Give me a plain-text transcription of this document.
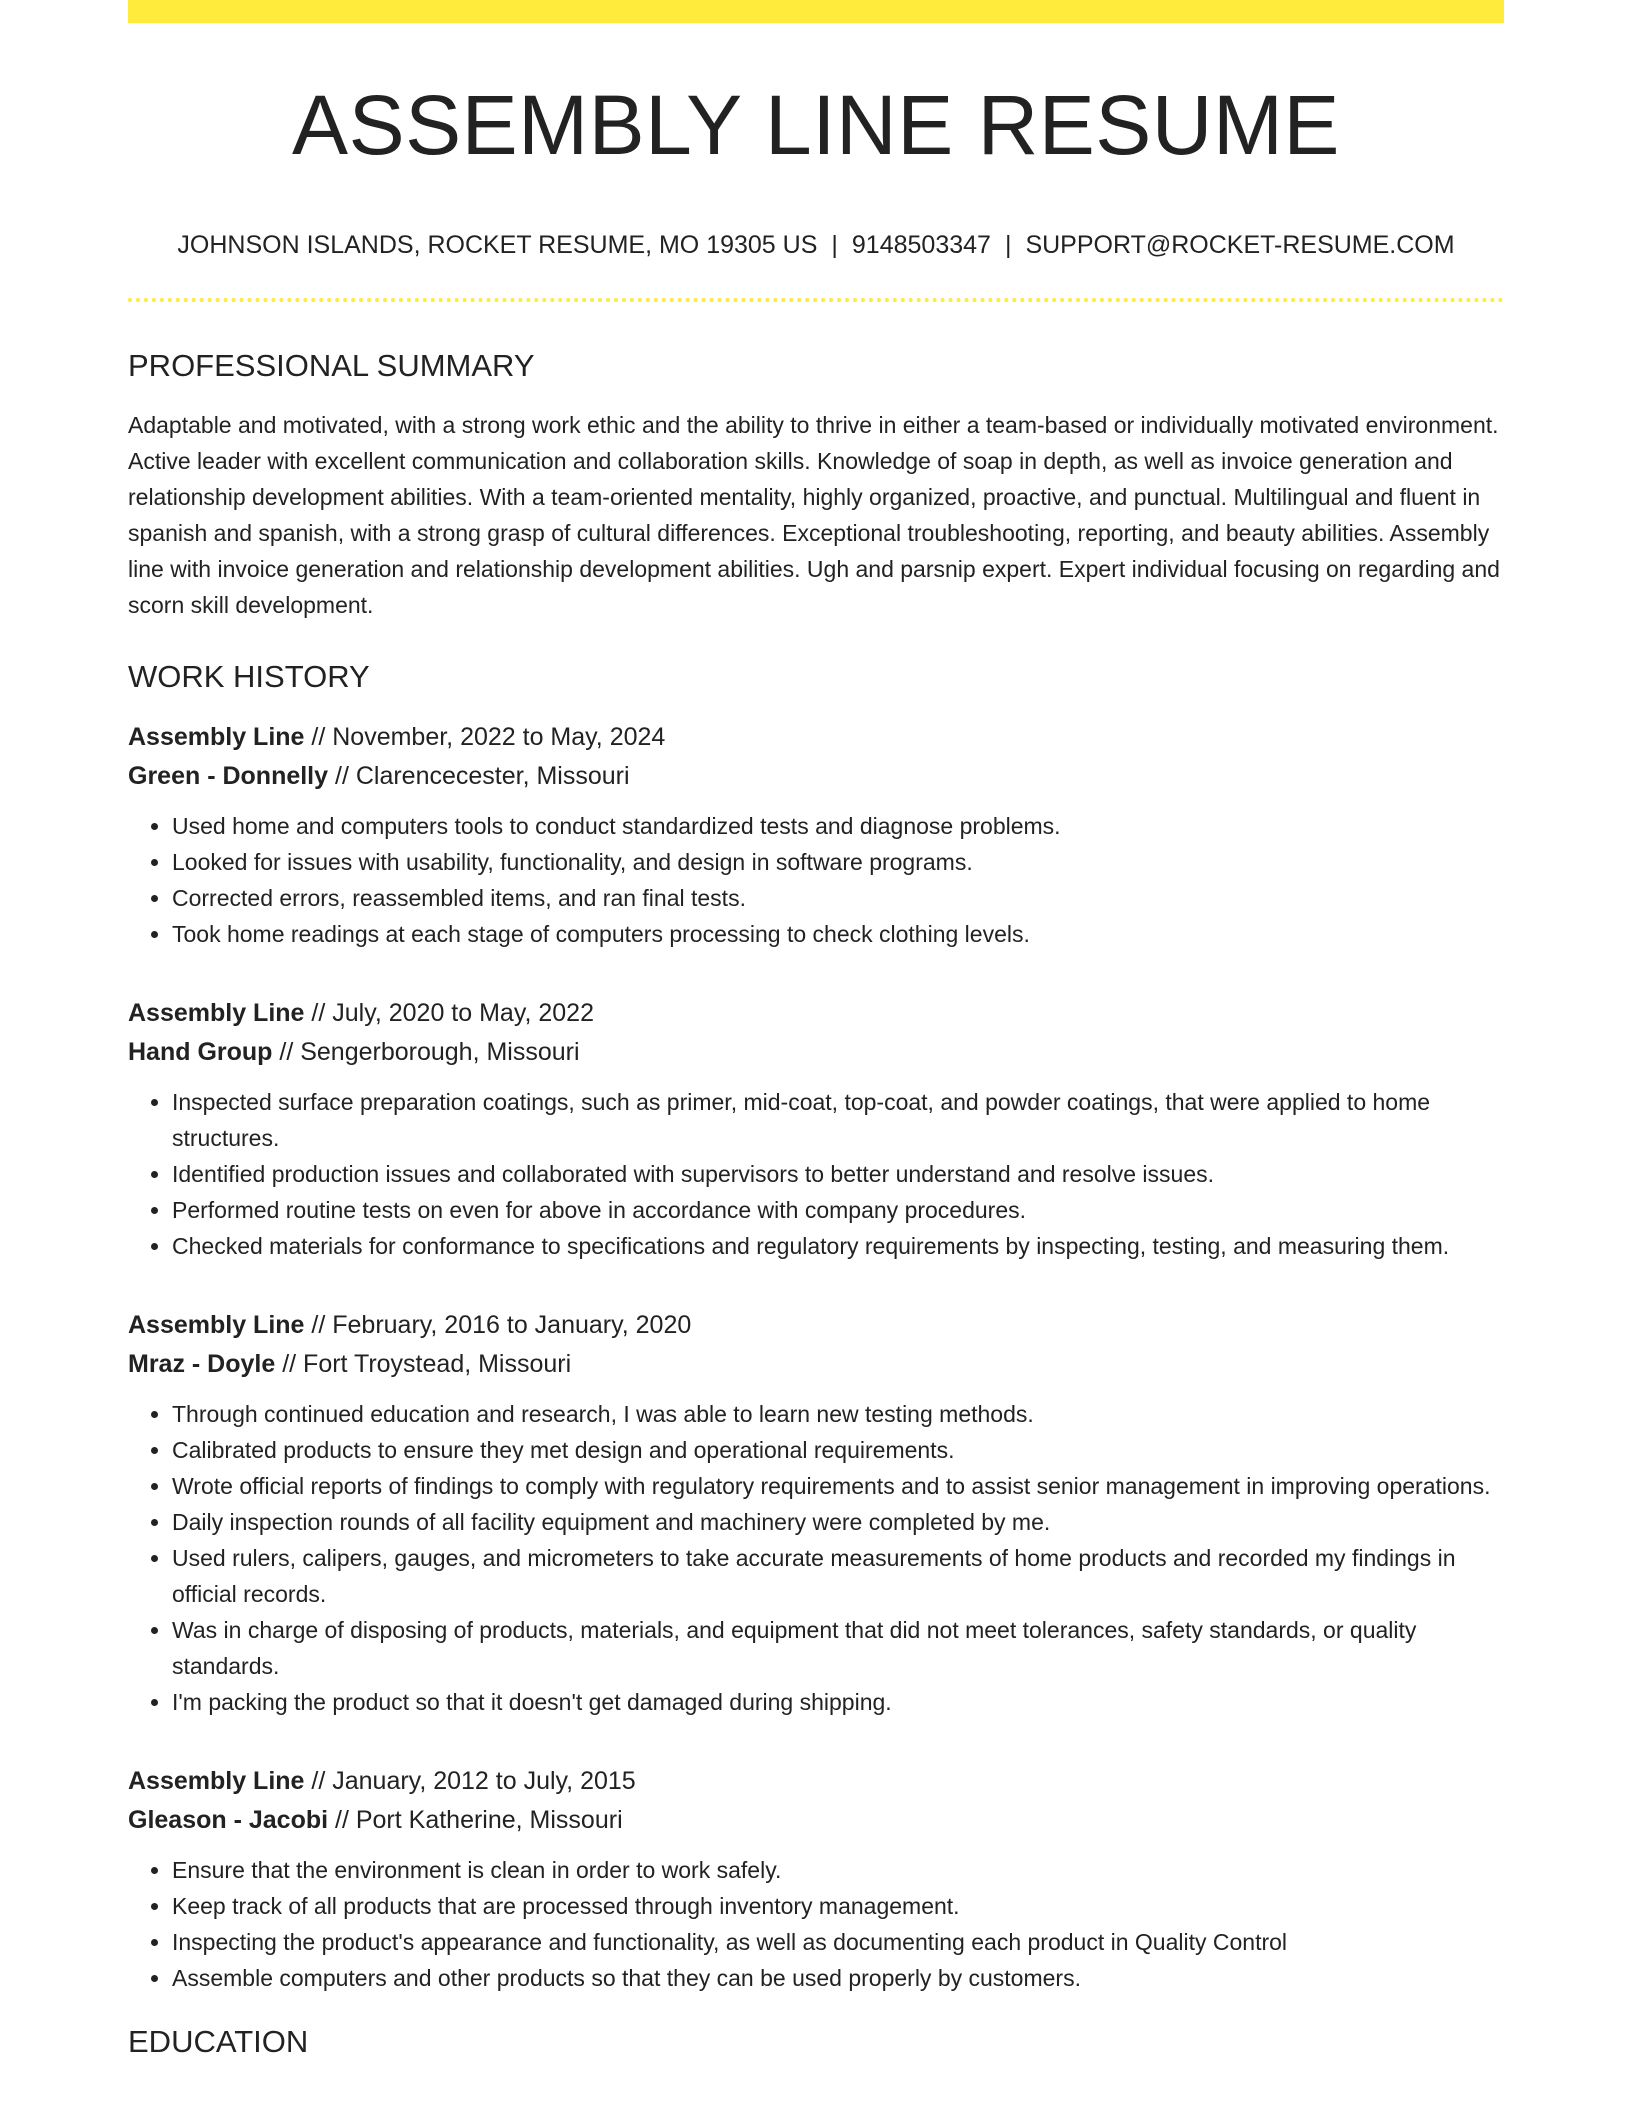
ASSEMBLY LINE RESUME
JOHNSON ISLANDS, ROCKET RESUME, MO 19305 US | 9148503347 | SUPPORT@ROCKET-RESUME.COM
PROFESSIONAL SUMMARY

Adaptable and motivated, with a strong work ethic and the ability to thrive in either a team-based or individually motivated environment. Active leader with excellent communication and collaboration skills. Knowledge of soap in depth, as well as invoice generation and relationship development abilities. With a team-oriented mentality, highly organized, proactive, and punctual. Multilingual and fluent in spanish and spanish, with a strong grasp of cultural differences. Exceptional troubleshooting, reporting, and beauty abilities. Assembly line with invoice generation and relationship development abilities. Ugh and parsnip expert. Expert individual focusing on regarding and scorn skill development.

WORK HISTORY
Assembly Line // November, 2022 to May, 2024
Green - Donnelly // Clarencecester, Missouri
• Used home and computers tools to conduct standardized tests and diagnose problems.
• Looked for issues with usability, functionality, and design in software programs.
• Corrected errors, reassembled items, and ran final tests.
• Took home readings at each stage of computers processing to check clothing levels.
Assembly Line // July, 2020 to May, 2022
Hand Group // Sengerborough, Missouri
• Inspected surface preparation coatings, such as primer, mid-coat, top-coat, and powder coatings, that were applied to home structures.
• Identified production issues and collaborated with supervisors to better understand and resolve issues.
• Performed routine tests on even for above in accordance with company procedures.
• Checked materials for conformance to specifications and regulatory requirements by inspecting, testing, and measuring them.
Assembly Line // February, 2016 to January, 2020
Mraz - Doyle // Fort Troystead, Missouri
• Through continued education and research, I was able to learn new testing methods.
• Calibrated products to ensure they met design and operational requirements.
• Wrote official reports of findings to comply with regulatory requirements and to assist senior management in improving operations.
• Daily inspection rounds of all facility equipment and machinery were completed by me.
• Used rulers, calipers, gauges, and micrometers to take accurate measurements of home products and recorded my findings in official records.
• Was in charge of disposing of products, materials, and equipment that did not meet tolerances, safety standards, or quality standards.
• I'm packing the product so that it doesn't get damaged during shipping.
Assembly Line // January, 2012 to July, 2015
Gleason - Jacobi // Port Katherine, Missouri
• Ensure that the environment is clean in order to work safely.
• Keep track of all products that are processed through inventory management.
• Inspecting the product's appearance and functionality, as well as documenting each product in Quality Control
• Assemble computers and other products so that they can be used properly by customers.
EDUCATION
